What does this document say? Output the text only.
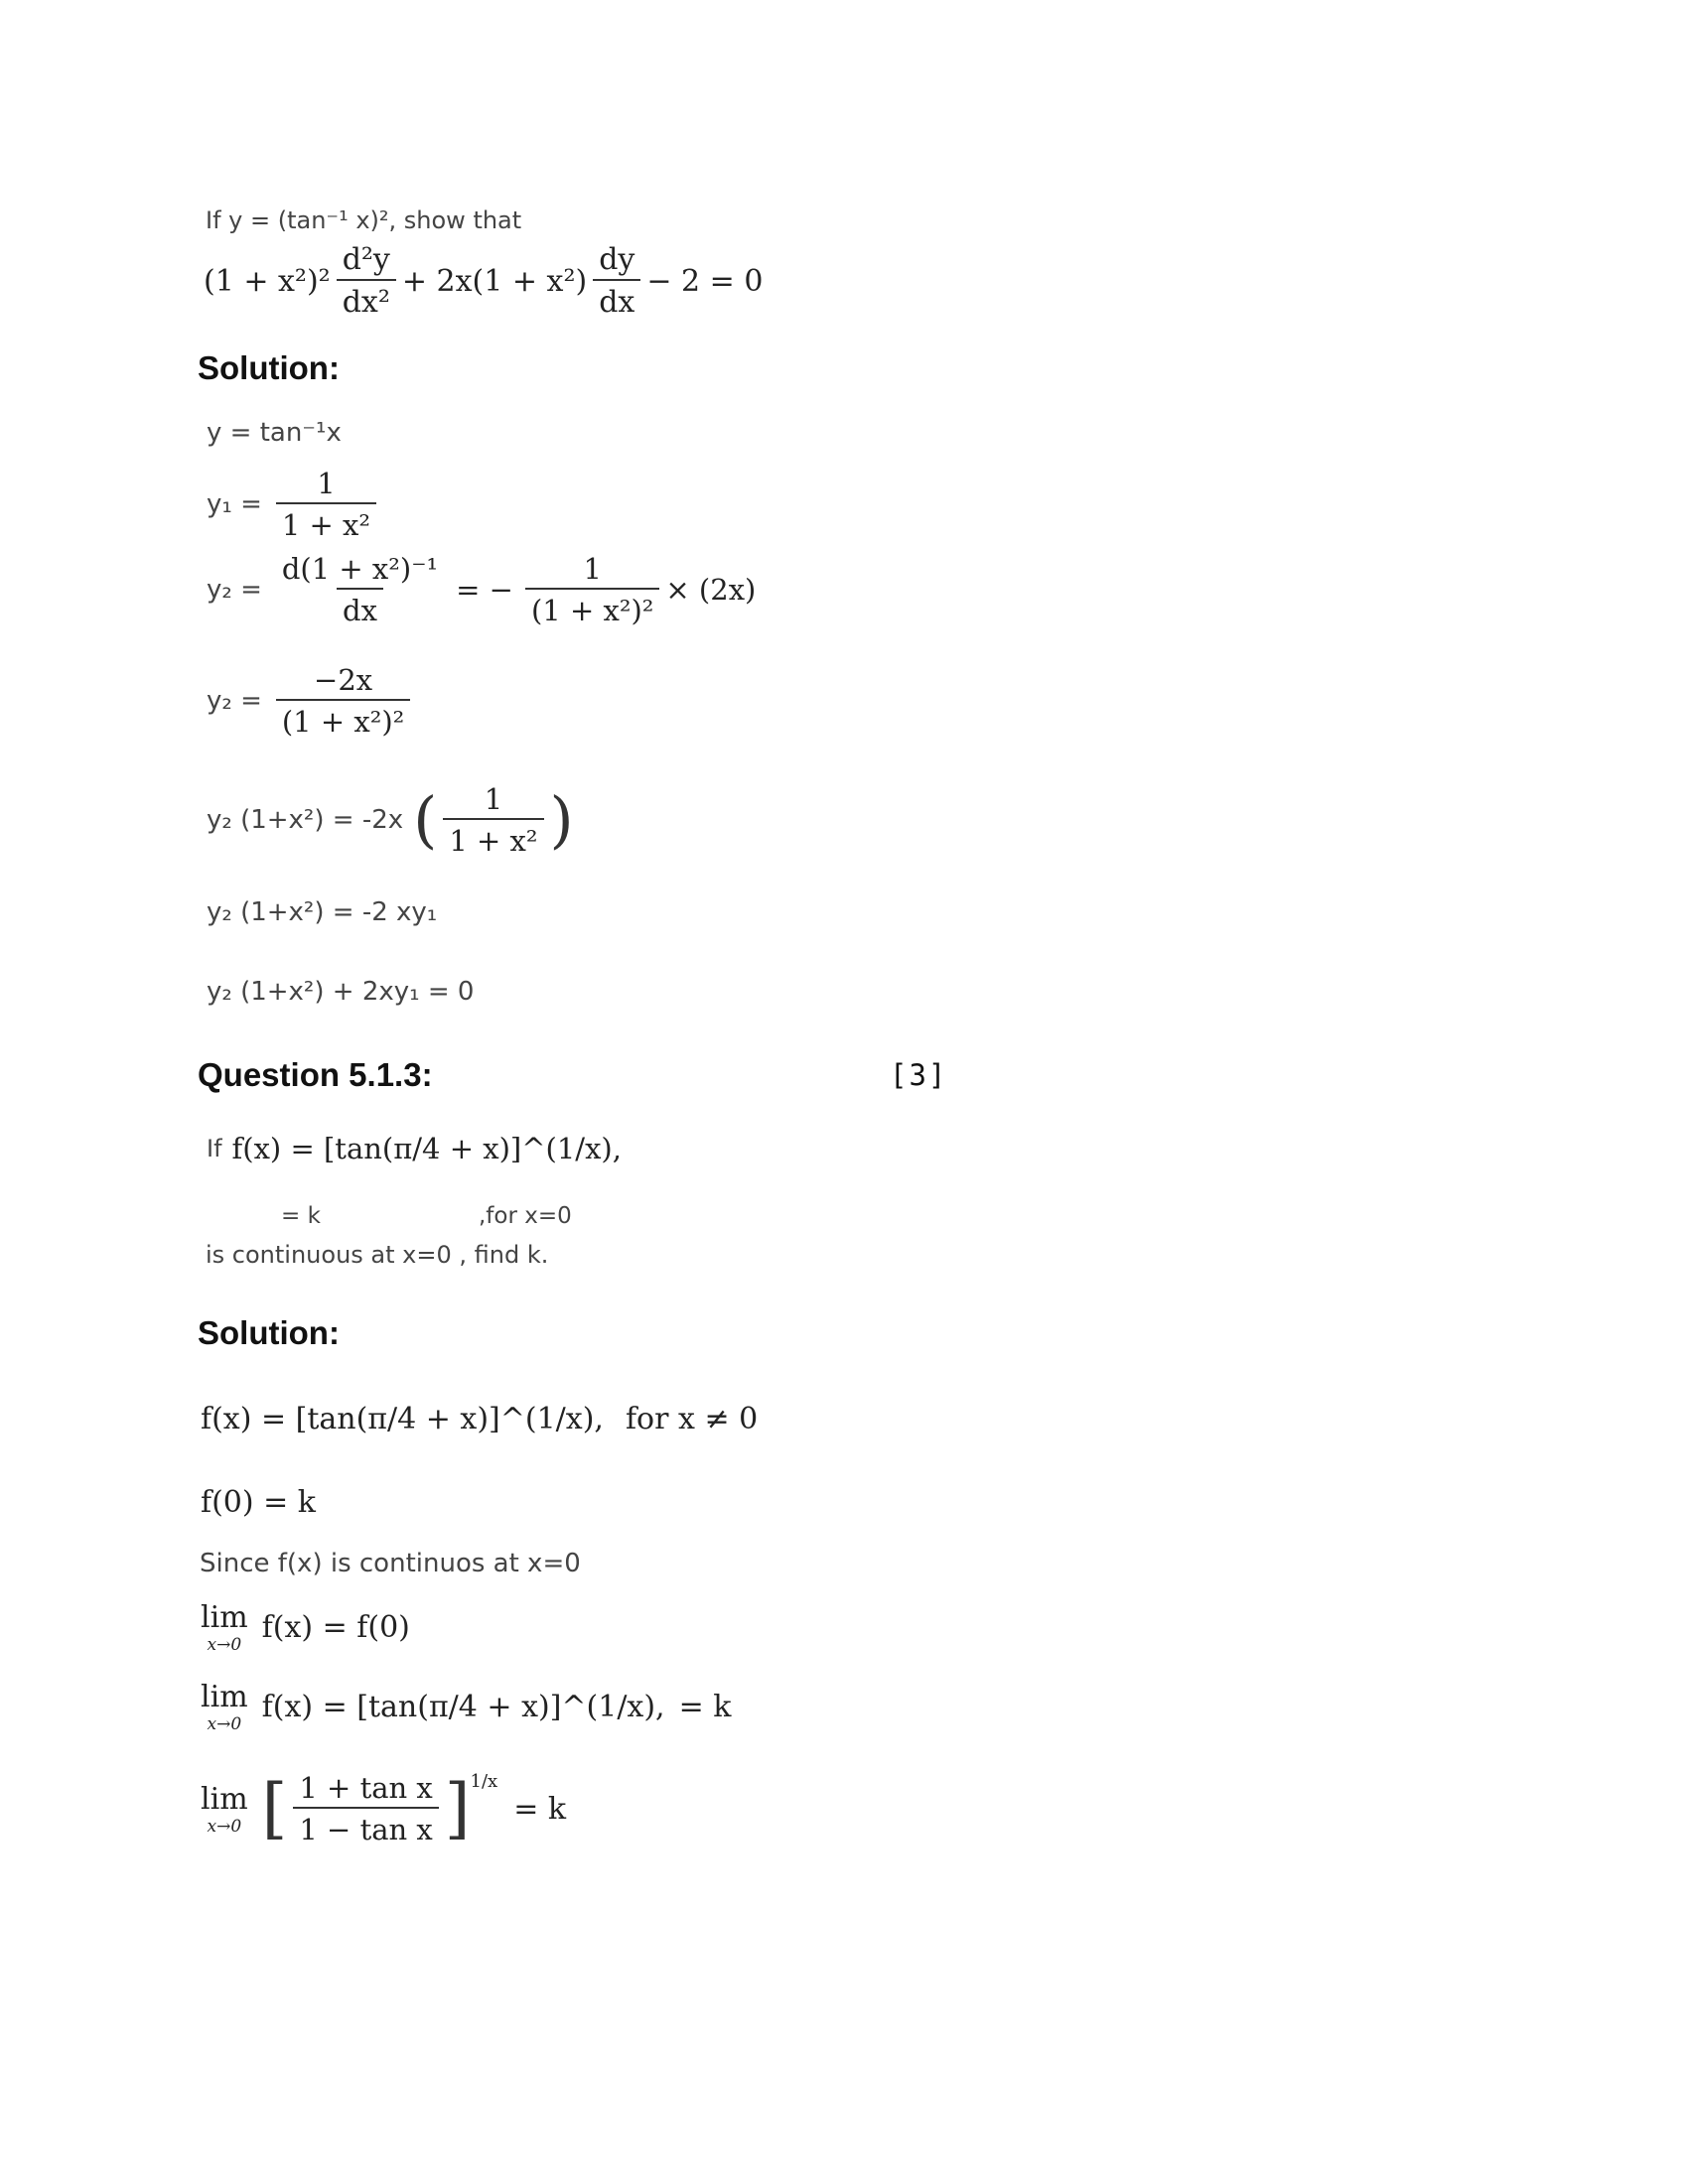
If y = (tan⁻¹ x)², show that
$(1 + x^2)^2 \frac{\text{d²y}}{\text{dx²}} + 2x(1 + x^2) \frac{dy}{dx} - 2 = 0$
Solution:
y = tan⁻¹x
$y_1 = \frac{1}{\text{1 + x²}}$
$y_2 = \frac{\text{d(1 + x²)⁻¹}}{dx}$ = − $\frac{1}{\text{(1 + x²)²}} \times (2x)$
$y_2 = \frac{-2x}{\text{(1 + x²)²}}$
y₂ (1+x²) = -2x ( $\frac{1}{\text{1 + x²}}$ )
y₂ (1+x²) = -2 xy₁
y₂ (1+x²) + 2xy₁ = 0
Question 5.1.3:	[3]
If f(x) = [tan(π/4 + x)]^(1/x),
= k	,for x=0
is continuous at x=0 , find k.
Solution:
f(x) = [tan(π/4 + x)]^(1/x), for x ≠ 0
f(0) = k
Since f(x) is continuos at x=0
lim
x→0 f(x) = f(0)
lim
x→0 f(x) = [tan(π/4 + x)]^(1/x), = k
lim
x→0 [ $\frac{\text{1 + tan x}}{\text{1 − tan x}}$ ] 1/x
= k
